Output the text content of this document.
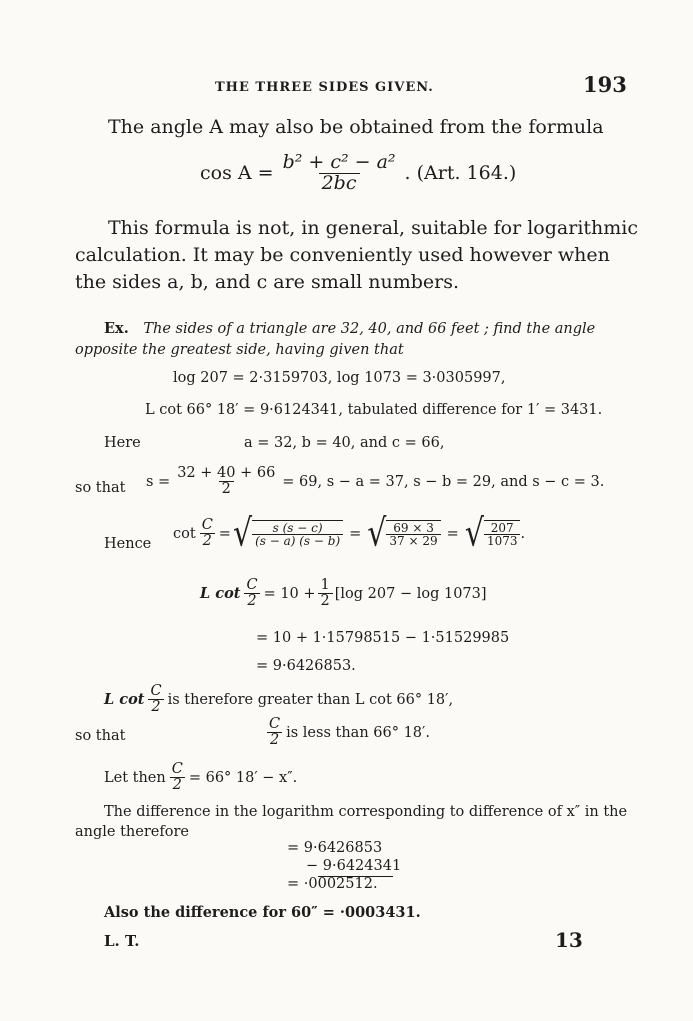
THE THREE SIDES GIVEN.	193
The angle A may also be obtained from the formula
$\cos A = \frac{\text{b² + c² − a²}}{2bc}$ . (Art. 164.)
This formula is not, in general, suitable for logarithmic
calculation. It may be conveniently used however when
the sides a, b, and c are small numbers.
Ex. The sides of a triangle are 32, 40, and 66 feet ; find the angle
opposite the greatest side, having given that
log 207 = 2·3159703, log 1073 = 3·0305997,
L cot 66° 18′ = 9·6124341, tabulated difference for 1′ = 3431.
Here	a = 32, b = 40, and c = 66,
so that $s = \frac{32 + 40 + 66}{2} = 69$, s − a = 37, s − b = 29, and s − c = 3.
Hence
$\cot \frac{C}{2}$ = √ $\frac{s (s - c)}{(s - a) (s - b)}$ = √ $\frac{69 \times 3}{37 \times 29}$ = √ $\frac{207}{1073}$ .
L $\cot \frac{C}{2} = 10 + \frac{1}{2} [\log$ 207 − log 1073]
= 10 + 1·15798515 − 1·51529985
= 9·6426853.
L $\cot \frac{C}{2}$ is therefore greater than L cot 66° 18′,
so that	$\frac{C}{2}$ is less than 66° 18′.
Let then $\frac{C}{2} = 66^\circ$ 18′ − x″.
The difference in the logarithm corresponding to difference of x″ in the
angle therefore
= 9·6426853
− 9·6424341
= ·0002512.
Also the difference for 60″ = ·0003431.
L. T.	13
